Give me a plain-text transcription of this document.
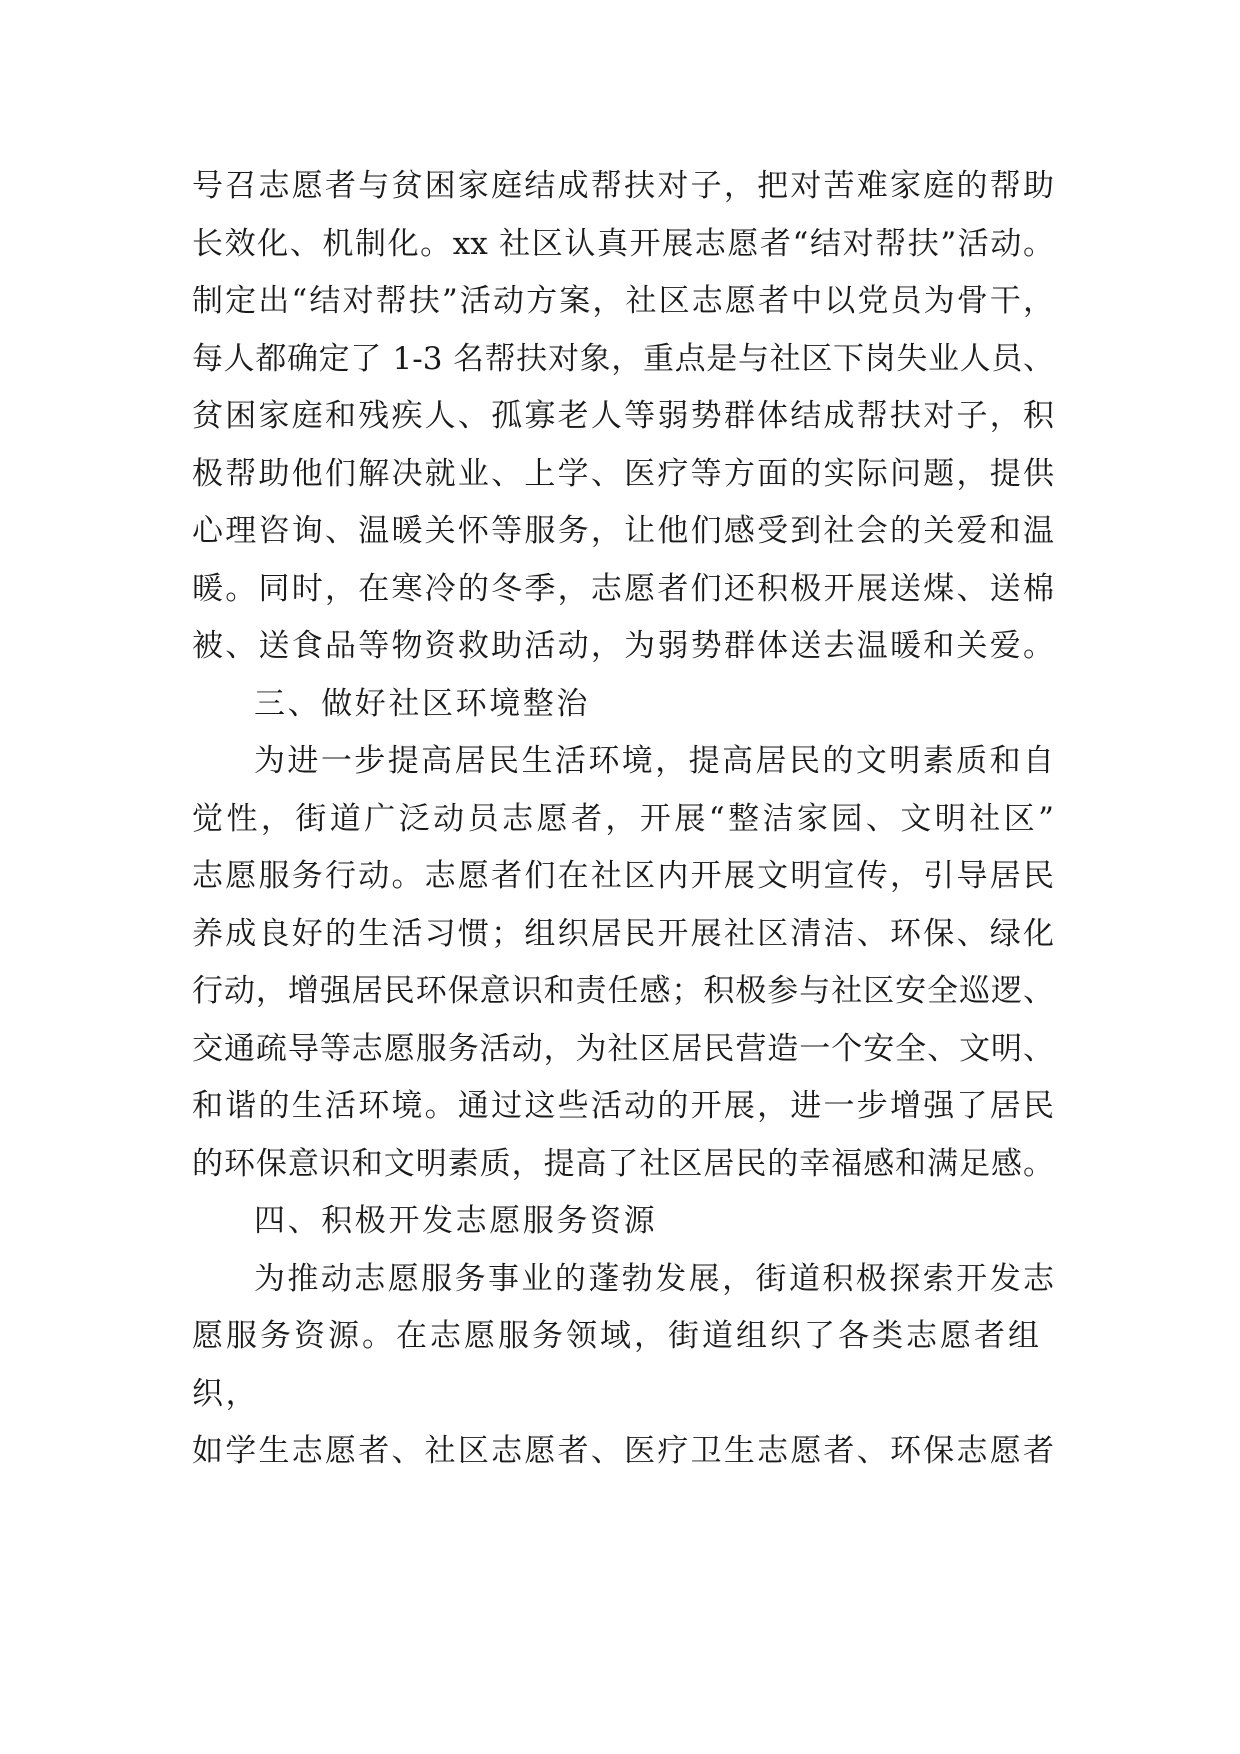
号召志愿者与贫困家庭结成帮扶对子，把对苦难家庭的帮助
长效化、机制化。xx 社区认真开展志愿者“结对帮扶”活动。
制定出“结对帮扶”活动方案，社区志愿者中以党员为骨干，
每人都确定了 1-3 名帮扶对象，重点是与社区下岗失业人员、
贫困家庭和残疾人、孤寡老人等弱势群体结成帮扶对子，积
极帮助他们解决就业、上学、医疗等方面的实际问题，提供
心理咨询、温暖关怀等服务，让他们感受到社会的关爱和温
暖。同时，在寒冷的冬季，志愿者们还积极开展送煤、送棉
被、送食品等物资救助活动，为弱势群体送去温暖和关爱。
三、做好社区环境整治
为进一步提高居民生活环境，提高居民的文明素质和自
觉性，街道广泛动员志愿者，开展“整洁家园、文明社区”
志愿服务行动。志愿者们在社区内开展文明宣传，引导居民
养成良好的生活习惯；组织居民开展社区清洁、环保、绿化
行动，增强居民环保意识和责任感；积极参与社区安全巡逻、
交通疏导等志愿服务活动，为社区居民营造一个安全、文明、
和谐的生活环境。通过这些活动的开展，进一步增强了居民
的环保意识和文明素质，提高了社区居民的幸福感和满足感。
四、积极开发志愿服务资源
为推动志愿服务事业的蓬勃发展，街道积极探索开发志
愿服务资源。在志愿服务领域，街道组织了各类志愿者组
织，
如学生志愿者、社区志愿者、医疗卫生志愿者、环保志愿者
